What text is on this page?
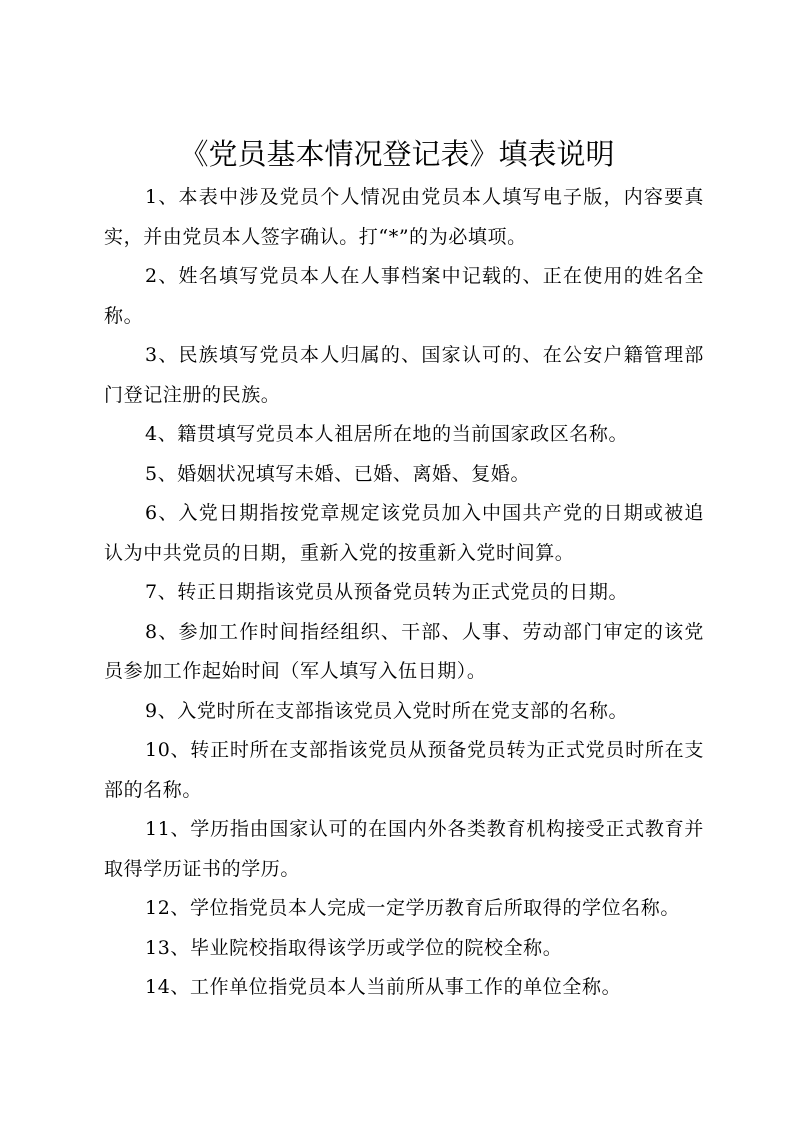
《党员基本情况登记表》填表说明

1、本表中涉及党员个人情况由党员本人填写电子版，内容要真实，并由党员本人签字确认。打“*”的为必填项。

2、姓名填写党员本人在人事档案中记载的、正在使用的姓名全称。

3、民族填写党员本人归属的、国家认可的、在公安户籍管理部门登记注册的民族。

4、籍贯填写党员本人祖居所在地的当前国家政区名称。

5、婚姻状况填写未婚、已婚、离婚、复婚。

6、入党日期指按党章规定该党员加入中国共产党的日期或被追认为中共党员的日期，重新入党的按重新入党时间算。

7、转正日期指该党员从预备党员转为正式党员的日期。

8、参加工作时间指经组织、干部、人事、劳动部门审定的该党员参加工作起始时间（军人填写入伍日期）。

9、入党时所在支部指该党员入党时所在党支部的名称。

10、转正时所在支部指该党员从预备党员转为正式党员时所在支部的名称。

11、学历指由国家认可的在国内外各类教育机构接受正式教育并取得学历证书的学历。

12、学位指党员本人完成一定学历教育后所取得的学位名称。

13、毕业院校指取得该学历或学位的院校全称。

14、工作单位指党员本人当前所从事工作的单位全称。
